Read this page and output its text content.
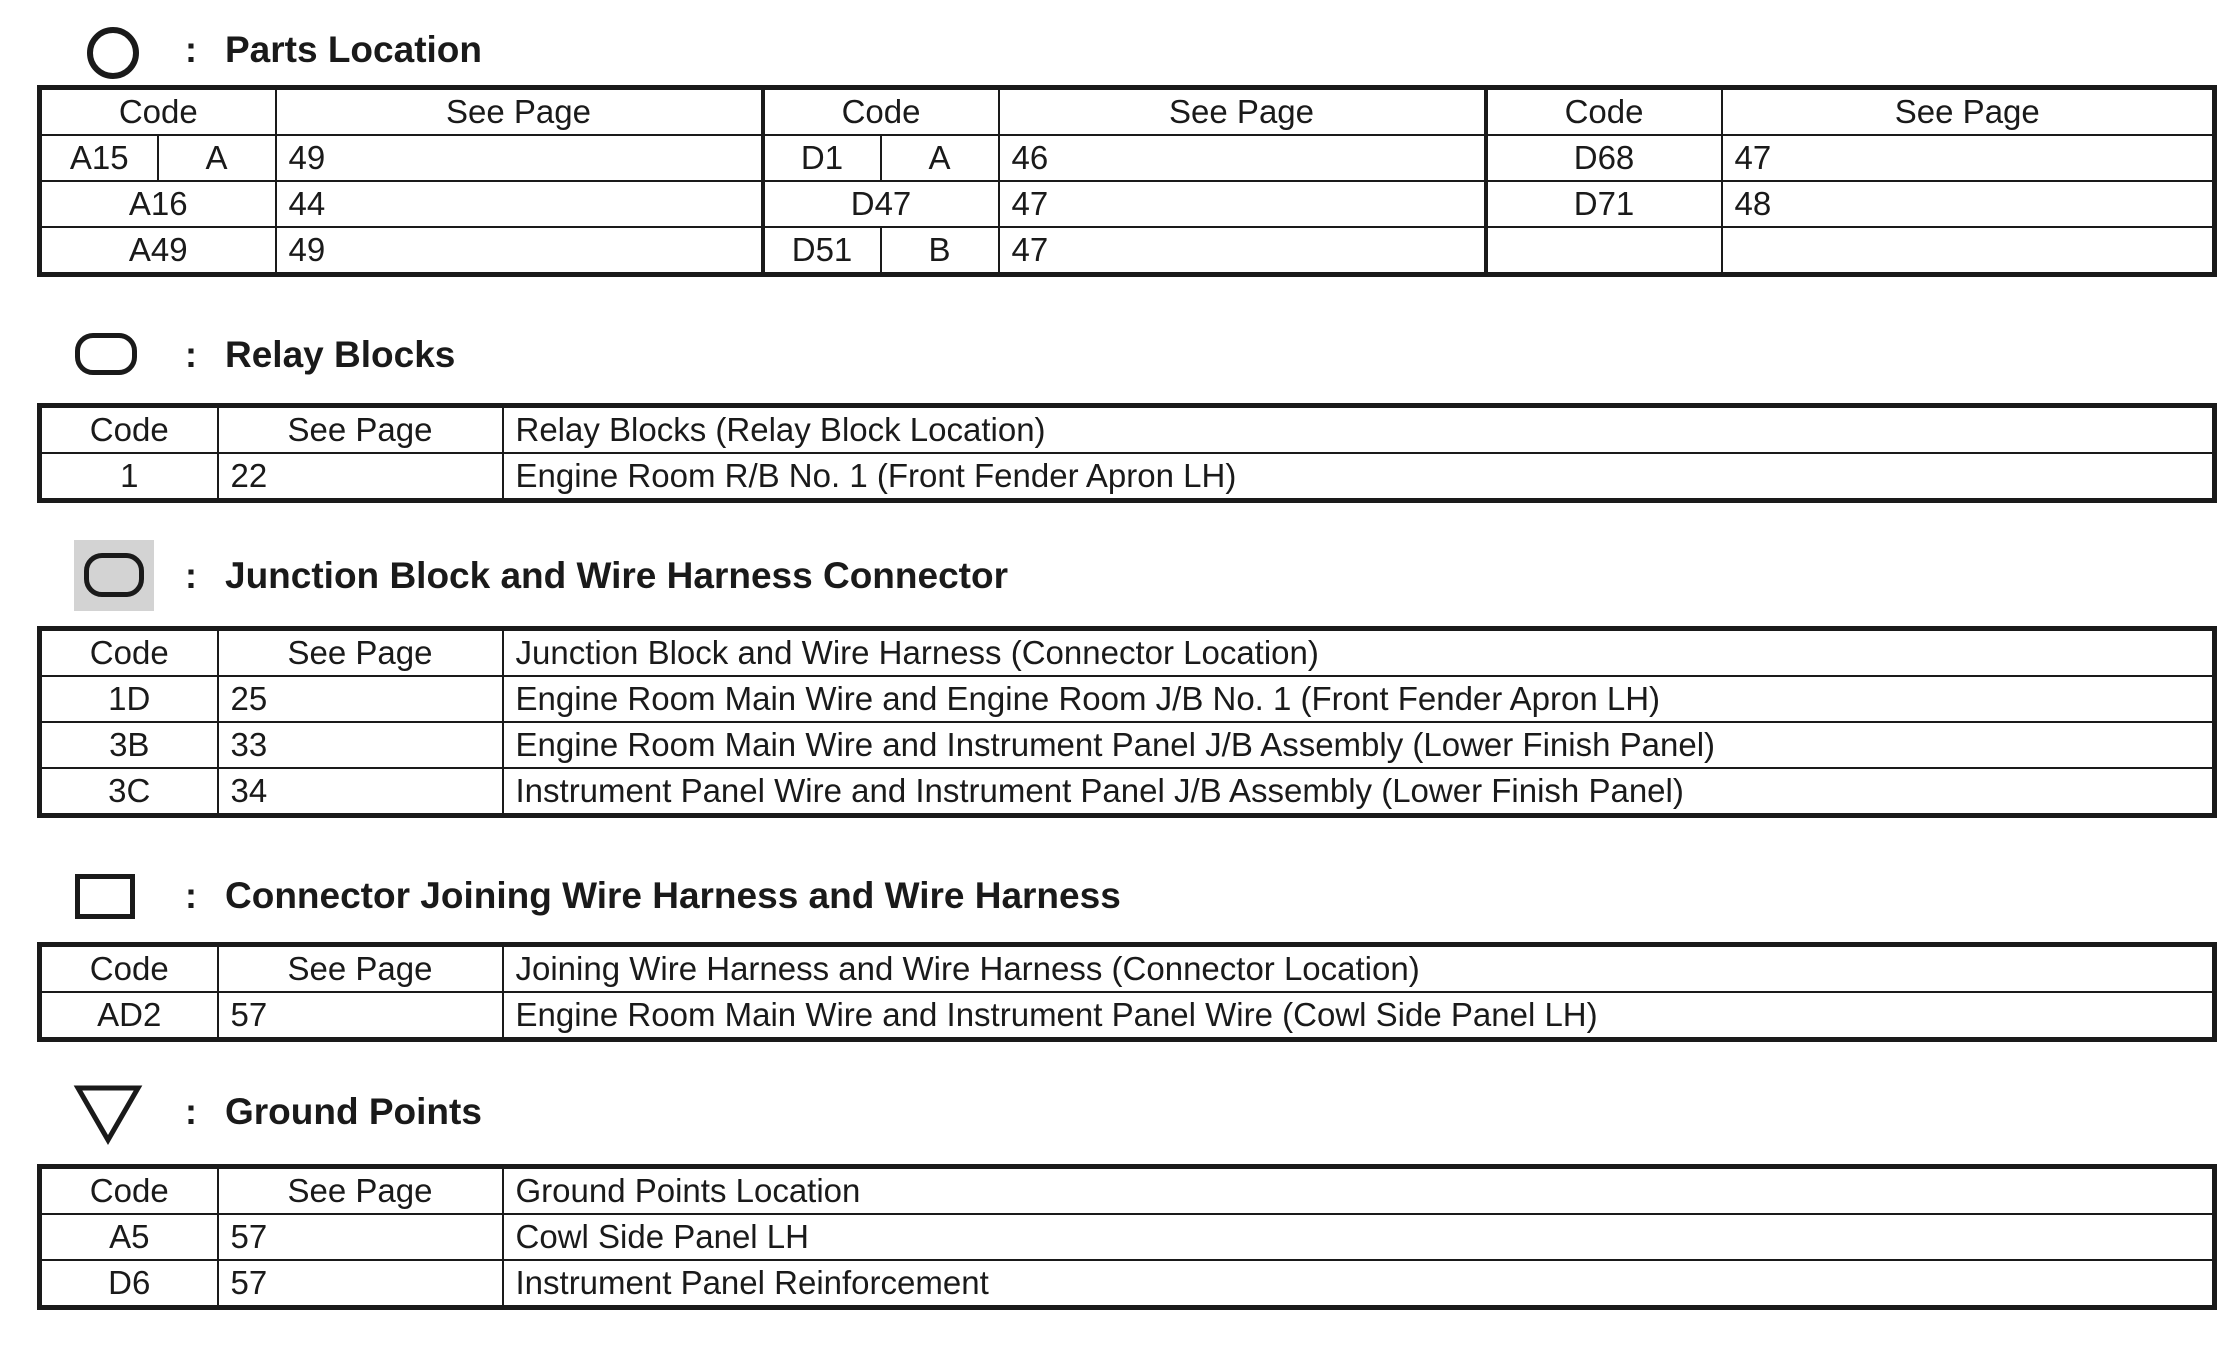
: Parts Location
Code		See Page	Code		See Page	Code	See Page
A15	A	49	D1	A	46	D68	47
A16		44	D47		47	D71	48
A49		49	D51	B	47		
: Relay Blocks
Code	See Page	Relay Blocks (Relay Block Location)
1	22	Engine Room R/B No. 1 (Front Fender Apron LH)
: Junction Block and Wire Harness Connector
Code	See Page	Junction Block and Wire Harness (Connector Location)
1D	25	Engine Room Main Wire and Engine Room J/B No. 1 (Front Fender Apron LH)
3B	33	Engine Room Main Wire and Instrument Panel J/B Assembly (Lower Finish Panel)
3C	34	Instrument Panel Wire and Instrument Panel J/B Assembly (Lower Finish Panel)
: Connector Joining Wire Harness and Wire Harness
Code	See Page	Joining Wire Harness and Wire Harness (Connector Location)
AD2	57	Engine Room Main Wire and Instrument Panel Wire (Cowl Side Panel LH)
: Ground Points
Code	See Page	Ground Points Location
A5	57	Cowl Side Panel LH
D6	57	Instrument Panel Reinforcement
